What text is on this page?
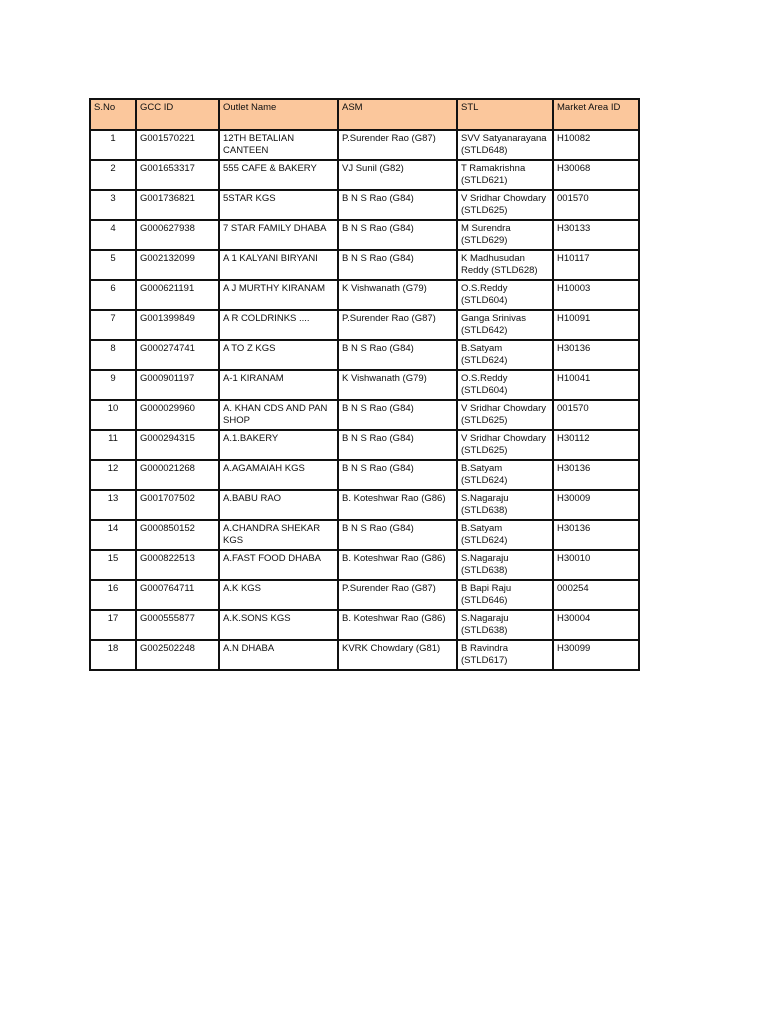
S.No	GCC ID	Outlet Name	ASM	STL	Market Area ID
1	G001570221	12TH BETALIAN CANTEEN	P.Surender Rao (G87)	SVV Satyanarayana (STLD648)	H10082
2	G001653317	555 CAFE & BAKERY	VJ Sunil (G82)	T Ramakrishna (STLD621)	H30068
3	G001736821	5STAR KGS	B N S Rao (G84)	V Sridhar Chowdary (STLD625)	001570
4	G000627938	7 STAR FAMILY DHABA	B N S Rao (G84)	M Surendra (STLD629)	H30133
5	G002132099	A 1 KALYANI BIRYANI	B N S Rao (G84)	K Madhusudan Reddy (STLD628)	H10117
6	G000621191	A J MURTHY KIRANAM	K Vishwanath (G79)	O.S.Reddy (STLD604)	H10003
7	G001399849	A R COLDRINKS ....	P.Surender Rao (G87)	Ganga Srinivas (STLD642)	H10091
8	G000274741	A TO Z KGS	B N S Rao (G84)	B.Satyam (STLD624)	H30136
9	G000901197	A-1 KIRANAM	K Vishwanath (G79)	O.S.Reddy (STLD604)	H10041
10	G000029960	A. KHAN CDS AND PAN SHOP	B N S Rao (G84)	V Sridhar Chowdary (STLD625)	001570
11	G000294315	A.1.BAKERY	B N S Rao (G84)	V Sridhar Chowdary (STLD625)	H30112
12	G000021268	A.AGAMAIAH KGS	B N S Rao (G84)	B.Satyam (STLD624)	H30136
13	G001707502	A.BABU RAO	B. Koteshwar Rao (G86)	S.Nagaraju (STLD638)	H30009
14	G000850152	A.CHANDRA SHEKAR KGS	B N S Rao (G84)	B.Satyam (STLD624)	H30136
15	G000822513	A.FAST FOOD DHABA	B. Koteshwar Rao (G86)	S.Nagaraju (STLD638)	H30010
16	G000764711	A.K KGS	P.Surender Rao (G87)	B Bapi Raju (STLD646)	000254
17	G000555877	A.K.SONS KGS	B. Koteshwar Rao (G86)	S.Nagaraju (STLD638)	H30004
18	G002502248	A.N DHABA	KVRK Chowdary (G81)	B Ravindra (STLD617)	H30099
